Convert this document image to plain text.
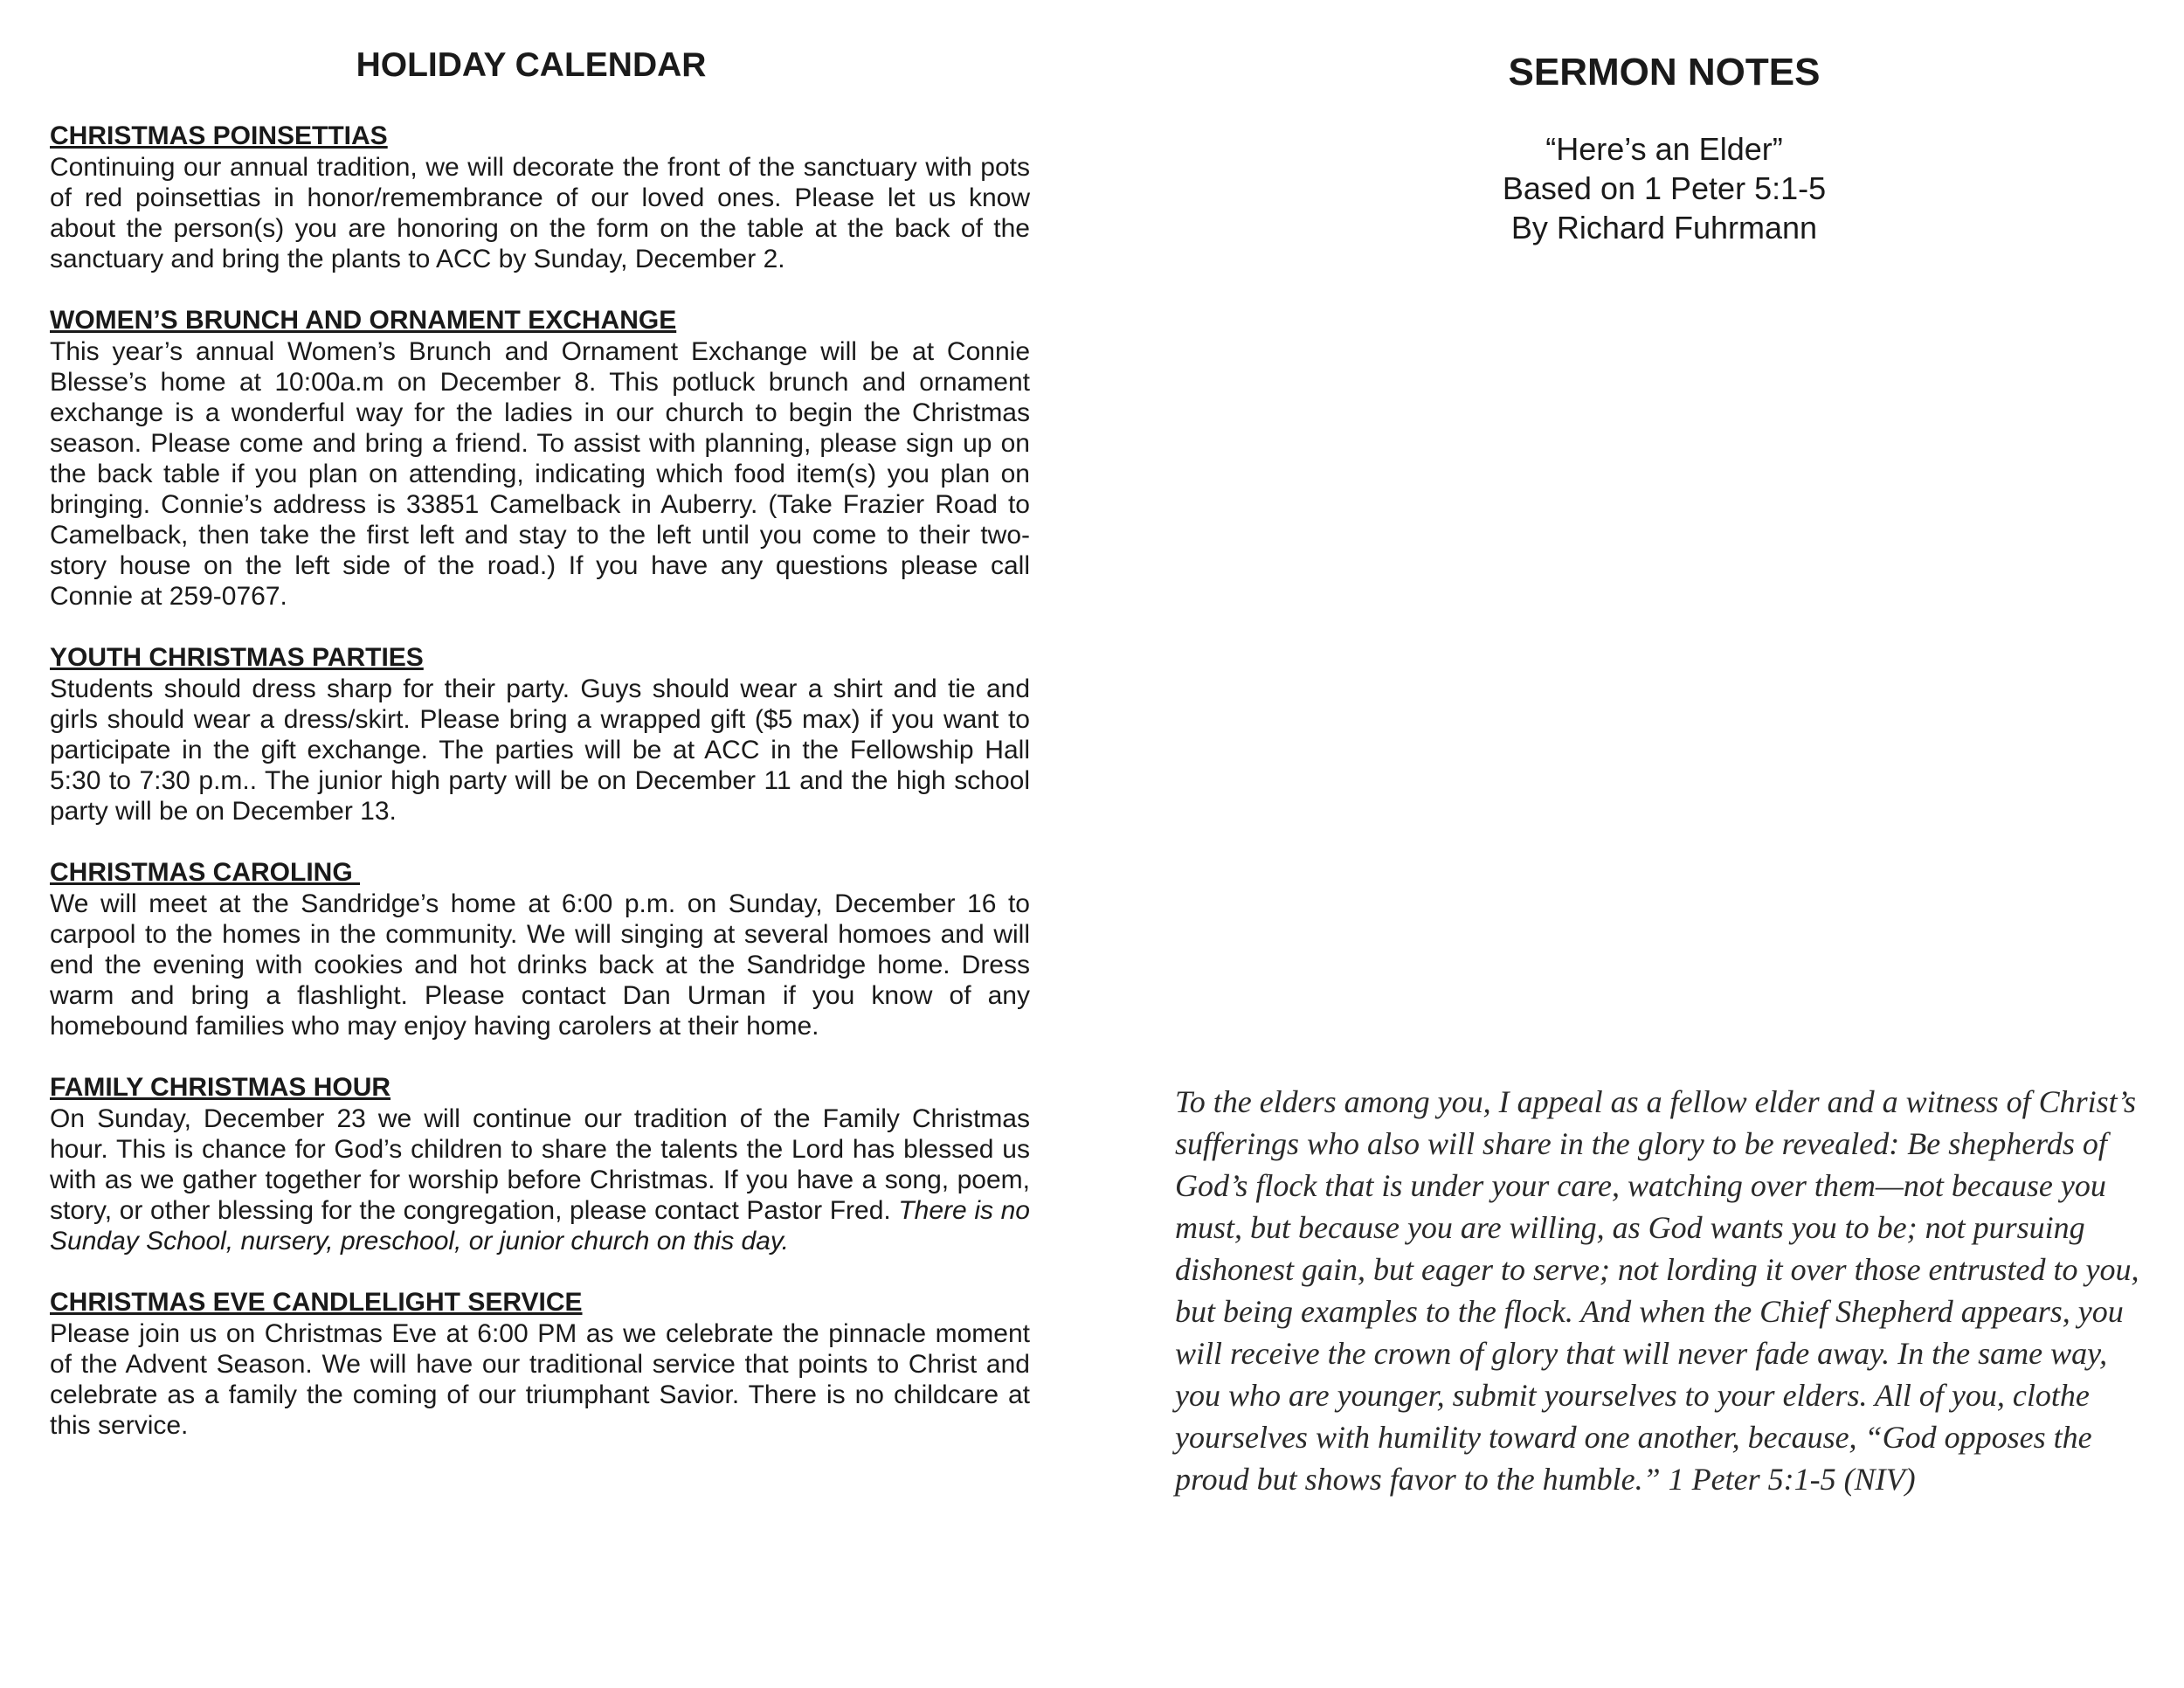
HOLIDAY CALENDAR
CHRISTMAS POINSETTIAS

Continuing our annual tradition, we will decorate the front of the sanctuary with pots of red poinsettias in honor/remembrance of our loved ones. Please let us know about the person(s) you are honoring on the form on the table at the back of the sanctuary and bring the plants to ACC by Sunday, December 2.

WOMEN’S BRUNCH AND ORNAMENT EXCHANGE

This year’s annual Women’s Brunch and Ornament Exchange will be at Connie Blesse’s home at 10:00a.m on December 8. This potluck brunch and ornament exchange is a wonderful way for the ladies in our church to begin the Christmas season. Please come and bring a friend. To assist with planning, please sign up on the back table if you plan on attending, indicating which food item(s) you plan on bringing. Connie’s address is 33851 Camelback in Auberry. (Take Frazier Road to Camelback, then take the first left and stay to the left until you come to their two-story house on the left side of the road.) If you have any questions please call Connie at 259-0767.

YOUTH CHRISTMAS PARTIES

Students should dress sharp for their party. Guys should wear a shirt and tie and girls should wear a dress/skirt. Please bring a wrapped gift ($5 max) if you want to participate in the gift exchange. The parties will be at ACC in the Fellowship Hall 5:30 to 7:30 p.m.. The junior high party will be on December 11 and the high school party will be on December 13.

CHRISTMAS CAROLING

We will meet at the Sandridge’s home at 6:00 p.m. on Sunday, December 16 to carpool to the homes in the community. We will singing at several homoes and will end the evening with cookies and hot drinks back at the Sandridge home. Dress warm and bring a flashlight. Please contact Dan Urman if you know of any homebound families who may enjoy having carolers at their home.

FAMILY CHRISTMAS HOUR

On Sunday, December 23 we will continue our tradition of the Family Christmas hour. This is chance for God’s children to share the talents the Lord has blessed us with as we gather together for worship before Christmas. If you have a song, poem, story, or other blessing for the congregation, please contact Pastor Fred. There is no Sunday School, nursery, preschool, or junior church on this day.

CHRISTMAS EVE CANDLELIGHT SERVICE

Please join us on Christmas Eve at 6:00 PM as we celebrate the pinnacle moment of the Advent Season. We will have our traditional service that points to Christ and celebrate as a family the coming of our triumphant Savior. There is no childcare at this service.

SERMON NOTES
“Here’s an Elder”
Based on 1 Peter 5:1-5
By Richard Fuhrmann
To the elders among you, I appeal as a fellow elder and a witness of Christ’s sufferings who also will share in the glory to be revealed: Be shepherds of God’s flock that is under your care, watching over them—not because you must, but because you are willing, as God wants you to be; not pursuing dishonest gain, but eager to serve; not lording it over those entrusted to you, but being examples to the flock. And when the Chief Shepherd appears, you will receive the crown of glory that will never fade away. In the same way, you who are younger, submit yourselves to your elders. All of you, clothe yourselves with humility toward one another, because, “God opposes the proud but shows favor to the humble.” 1 Peter 5:1-5 (NIV)
